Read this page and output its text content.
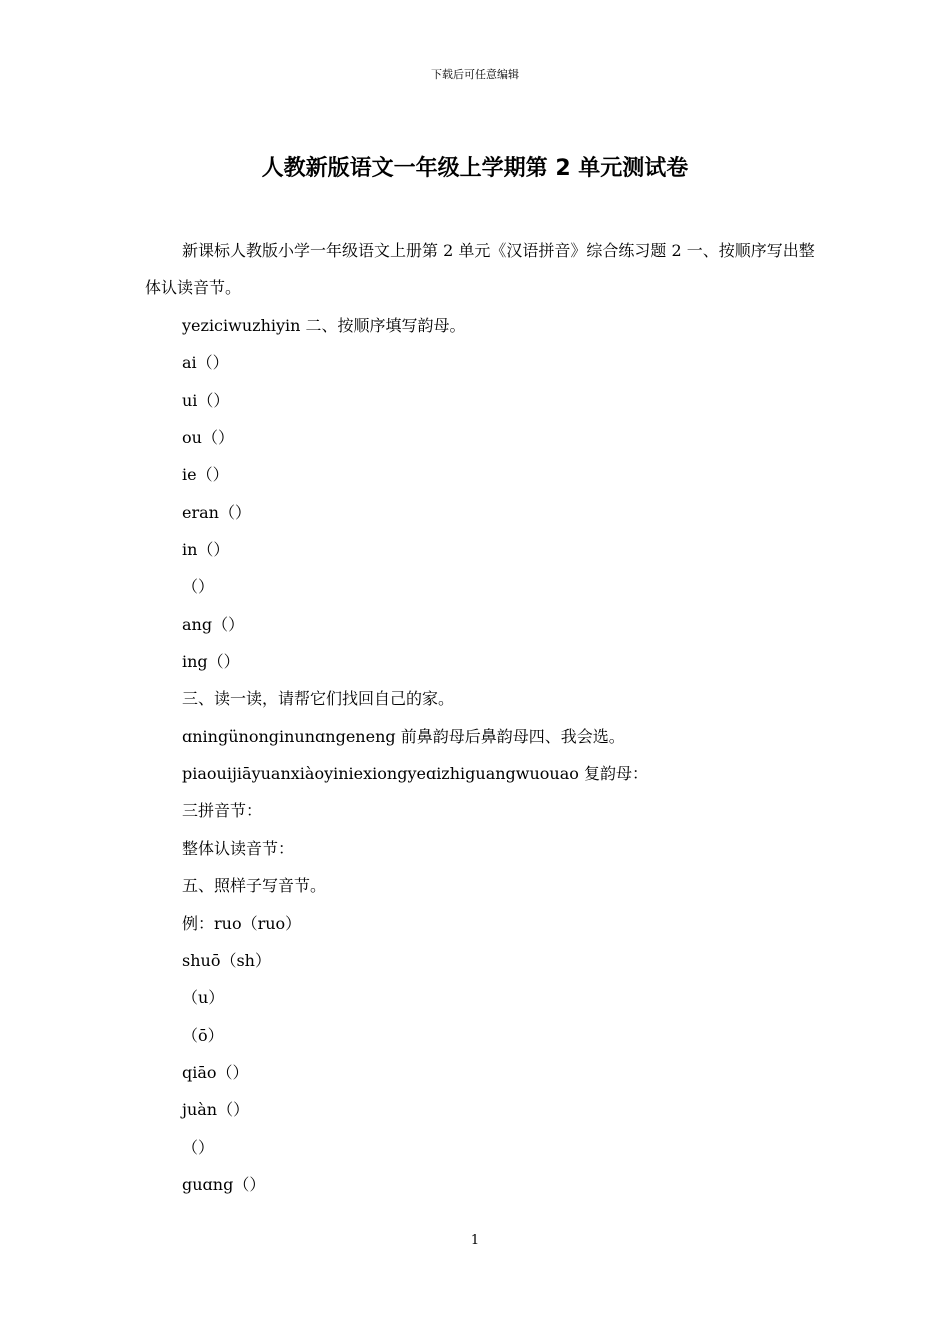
下载后可任意编辑
人教新版语文一年级上学期第 2 单元测试卷

新课标人教版小学一年级语文上册第 2 单元《汉语拼音》综合练习题 2 一、按顺序写出整体认读音节。

yeziciwuzhiyin 二、按顺序填写韵母。
ai（）
ui（）
ou（）
ie（）
eran（）
in（）
（）
ang（）
ing（）
三、读一读，请帮它们找回自己的家。
ɑningünonginunɑngeneng 前鼻韵母后鼻韵母四、我会选。
piaouijiāyuanxiàoyiniexiongyeɑizhiguangwuouao 复韵母：
三拼音节：
整体认读音节：
五、照样子写音节。
例：ruo（ruo）
shuō（sh）
（u）
（ō）
qiāo（）
juàn（）
（）
guɑng（）
1
